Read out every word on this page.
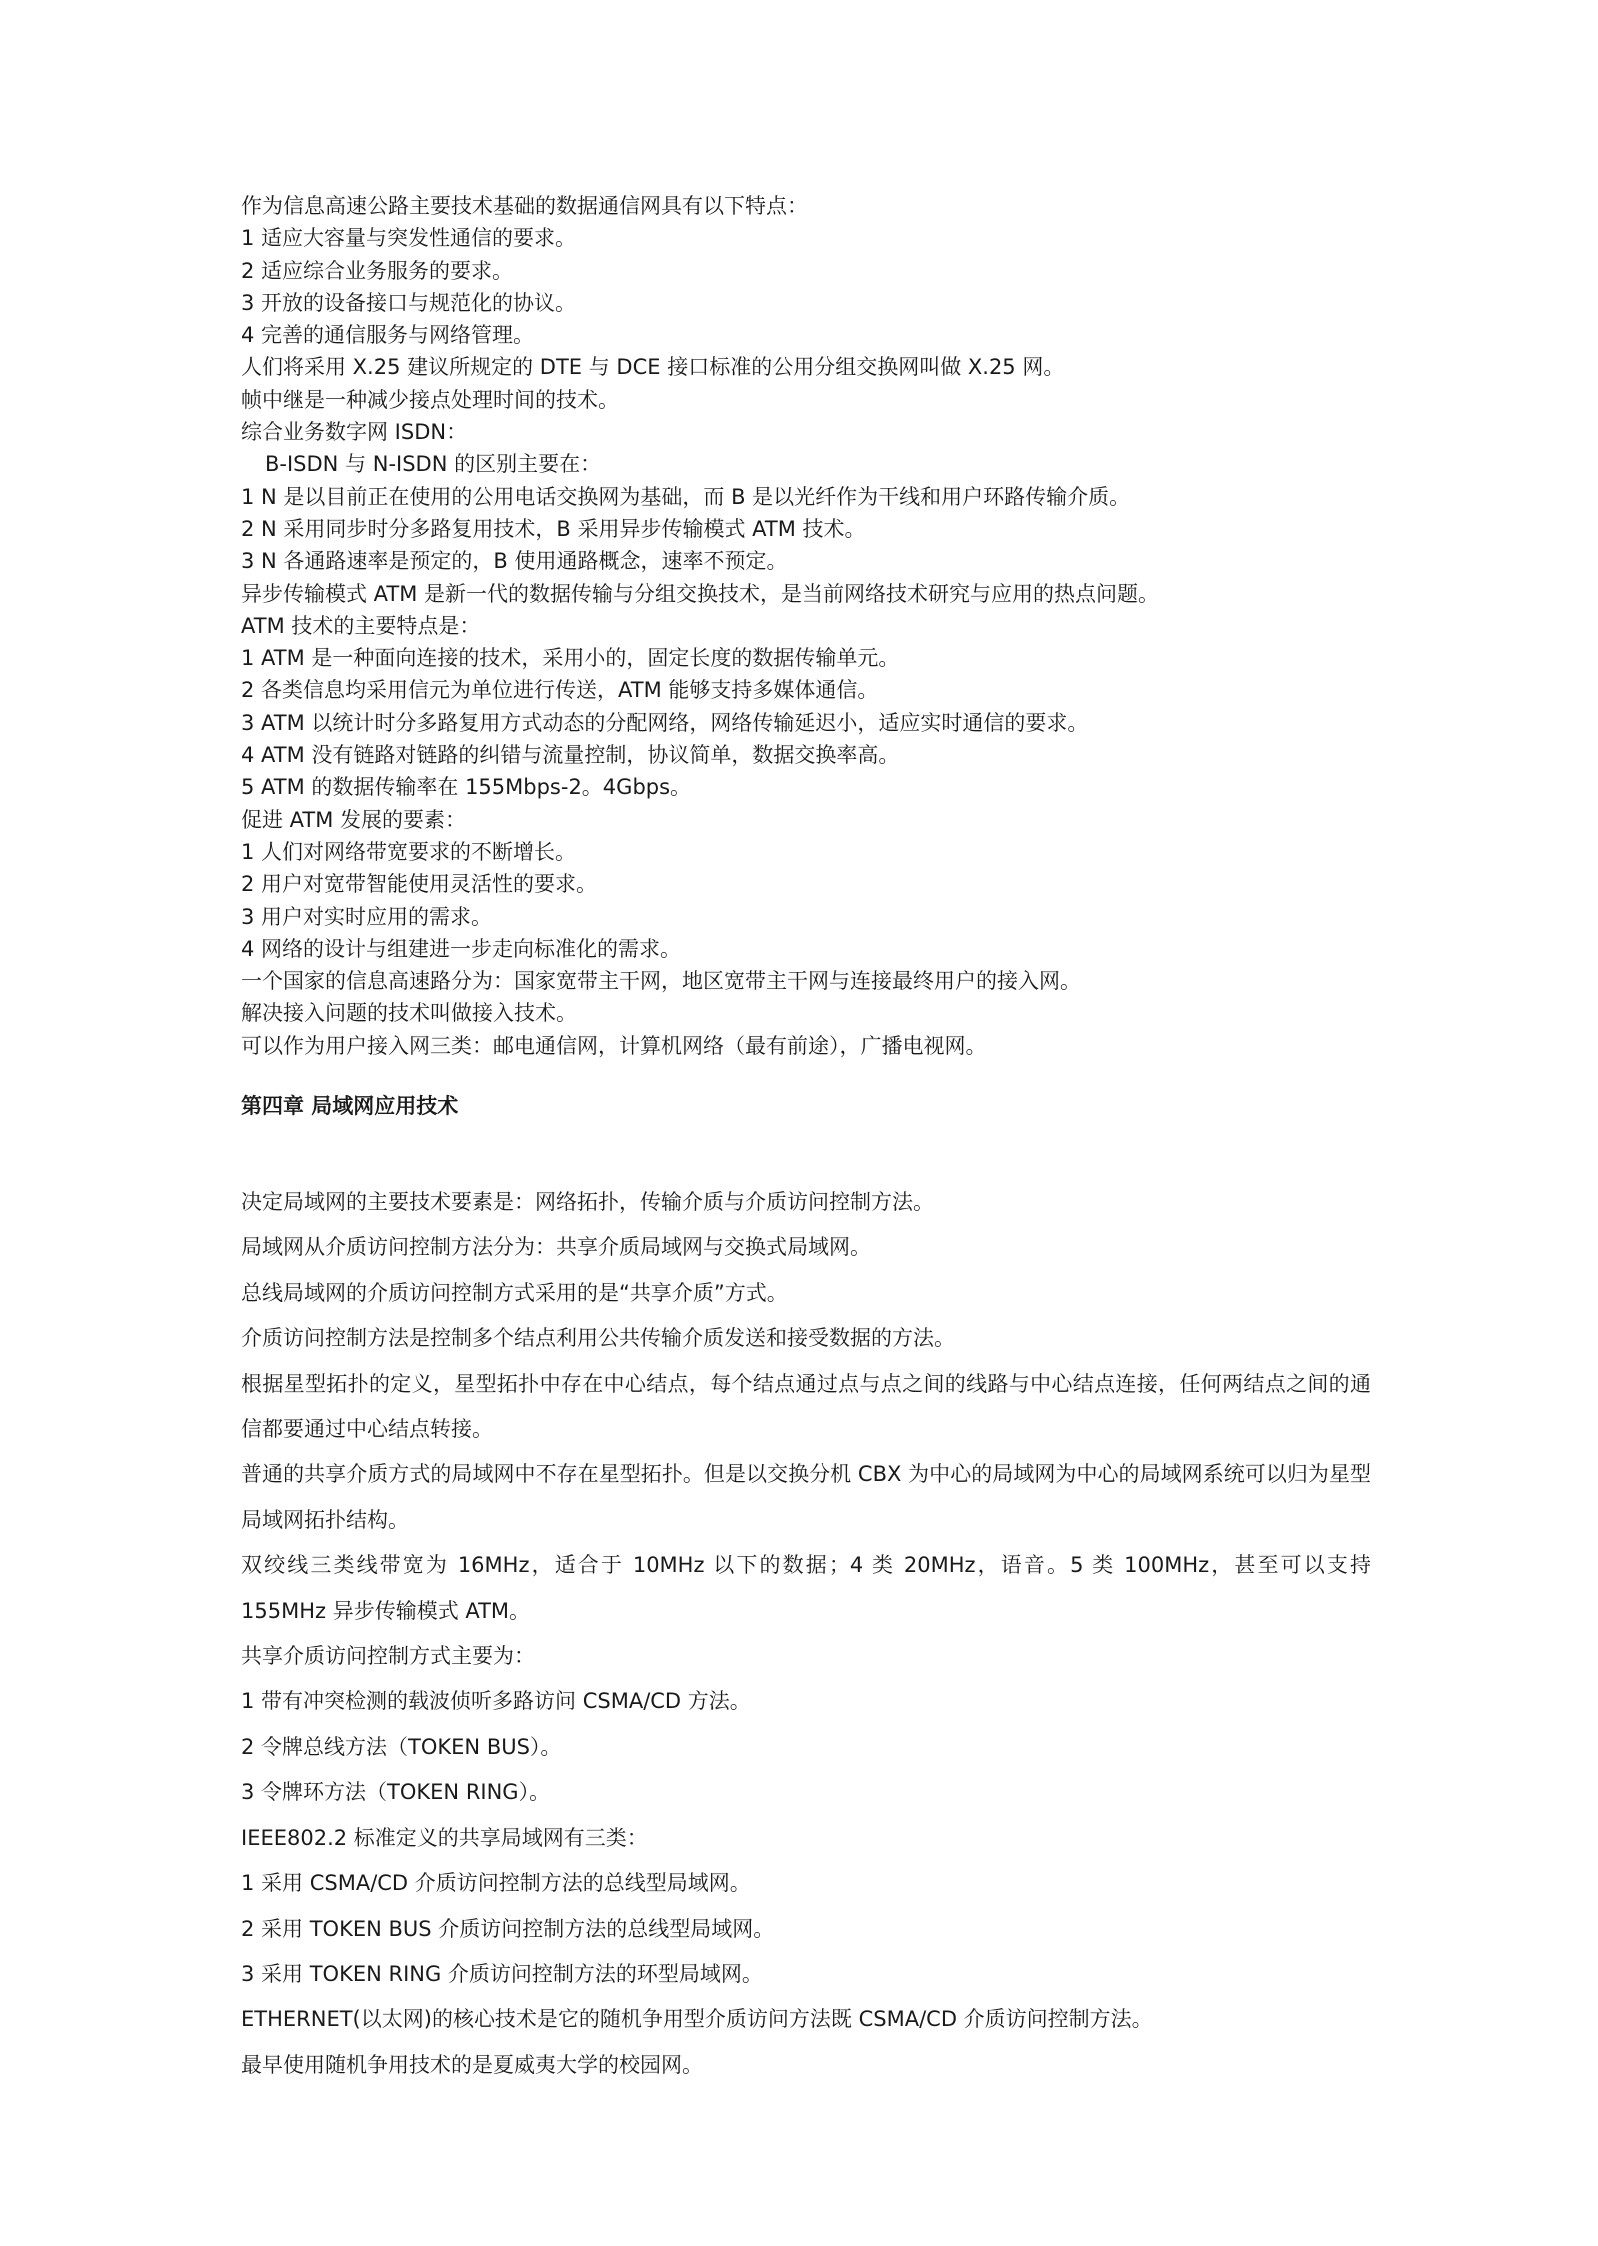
作为信息高速公路主要技术基础的数据通信网具有以下特点：

1 适应大容量与突发性通信的要求。

2 适应综合业务服务的要求。

3 开放的设备接口与规范化的协议。

4 完善的通信服务与网络管理。

人们将采用 X.25 建议所规定的 DTE 与 DCE 接口标准的公用分组交换网叫做 X.25 网。

帧中继是一种减少接点处理时间的技术。

综合业务数字网 ISDN：

B-ISDN 与 N-ISDN 的区别主要在：

1 N 是以目前正在使用的公用电话交换网为基础，而 B 是以光纤作为干线和用户环路传输介质。

2 N 采用同步时分多路复用技术，B 采用异步传输模式 ATM 技术。

3 N 各通路速率是预定的，B 使用通路概念，速率不预定。

异步传输模式 ATM 是新一代的数据传输与分组交换技术，是当前网络技术研究与应用的热点问题。

ATM 技术的主要特点是：

1 ATM 是一种面向连接的技术，采用小的，固定长度的数据传输单元。

2 各类信息均采用信元为单位进行传送，ATM 能够支持多媒体通信。

3 ATM 以统计时分多路复用方式动态的分配网络，网络传输延迟小，适应实时通信的要求。

4 ATM 没有链路对链路的纠错与流量控制，协议简单，数据交换率高。

5 ATM 的数据传输率在 155Mbps-2。4Gbps。

促进 ATM 发展的要素：

1 人们对网络带宽要求的不断增长。

2 用户对宽带智能使用灵活性的要求。

3 用户对实时应用的需求。

4 网络的设计与组建进一步走向标准化的需求。

一个国家的信息高速路分为：国家宽带主干网，地区宽带主干网与连接最终用户的接入网。

解决接入问题的技术叫做接入技术。

可以作为用户接入网三类：邮电通信网，计算机网络（最有前途），广播电视网。

第四章 局域网应用技术

决定局域网的主要技术要素是：网络拓扑，传输介质与介质访问控制方法。

局域网从介质访问控制方法分为：共享介质局域网与交换式局域网。

总线局域网的介质访问控制方式采用的是“共享介质”方式。

介质访问控制方法是控制多个结点利用公共传输介质发送和接受数据的方法。

根据星型拓扑的定义，星型拓扑中存在中心结点，每个结点通过点与点之间的线路与中心结点连接，任何两结点之间的通信都要通过中心结点转接。

普通的共享介质方式的局域网中不存在星型拓扑。但是以交换分机 CBX 为中心的局域网为中心的局域网系统可以归为星型局域网拓扑结构。

双绞线三类线带宽为 16MHz，适合于 10MHz 以下的数据；4 类 20MHz，语音。5 类 100MHz，甚至可以支持 155MHz 异步传输模式 ATM。

共享介质访问控制方式主要为：

1 带有冲突检测的载波侦听多路访问 CSMA/CD 方法。

2 令牌总线方法（TOKEN BUS）。

3 令牌环方法（TOKEN RING）。

IEEE802.2 标准定义的共享局域网有三类：

1 采用 CSMA/CD 介质访问控制方法的总线型局域网。

2 采用 TOKEN BUS 介质访问控制方法的总线型局域网。

3 采用 TOKEN RING 介质访问控制方法的环型局域网。

ETHERNET(以太网)的核心技术是它的随机争用型介质访问方法既 CSMA/CD 介质访问控制方法。

最早使用随机争用技术的是夏威夷大学的校园网。
